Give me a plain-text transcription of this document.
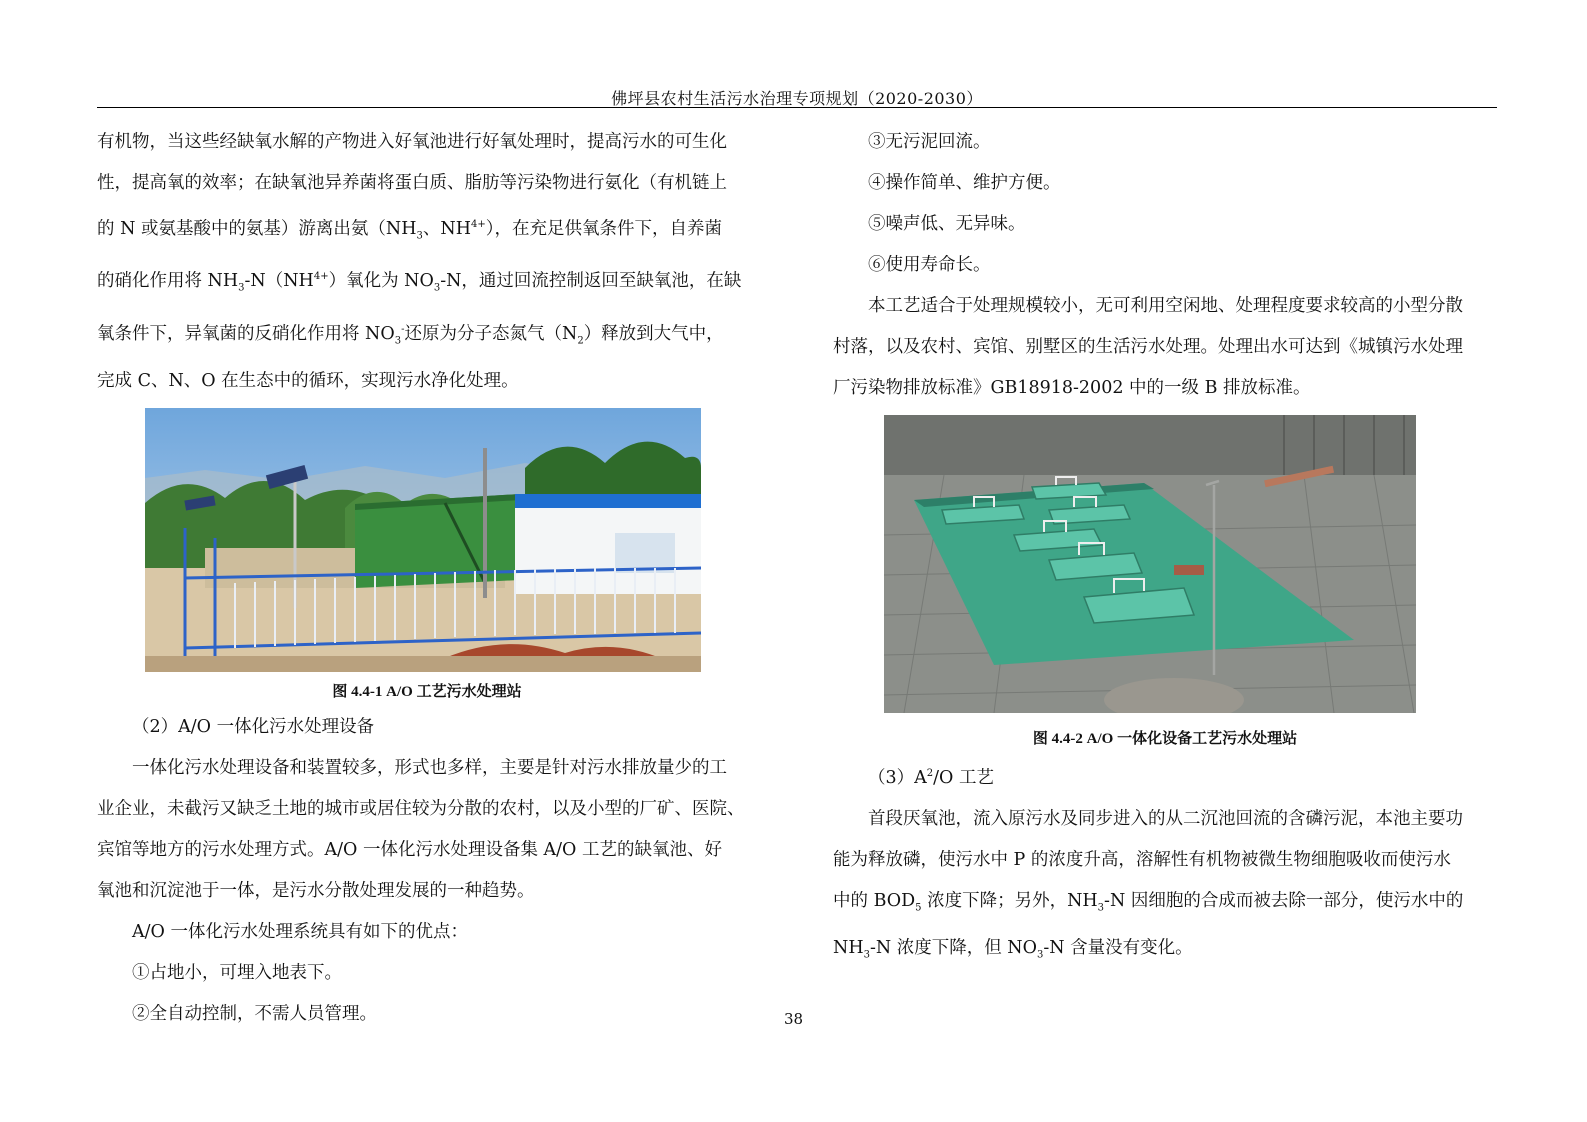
佛坪县农村生活污水治理专项规划（2020-2030）

有机物，当这些经缺氧水解的产物进入好氧池进行好氧处理时，提高污水的可生化

性，提高氧的效率；在缺氧池异养菌将蛋白质、脂肪等污染物进行氨化（有机链上

的 N 或氨基酸中的氨基）游离出氨（$NH_3$、$NH^{4+}$），在充足供氧条件下，自养菌

的硝化作用将 $NH_3-N(NH^{4+})$氧化为 $NO_3-N$，通过回流控制返回至缺氧池，在缺

氧条件下，异氧菌的反硝化作用将 $NO_3^-$还原为分子态氮气$(N_2)$释放到大气中，

完成 C、N、O 在生态中的循环，实现污水净化处理。

图 4.4-1 A/O 工艺污水处理站

（2）A/O 一体化污水处理设备

一体化污水处理设备和装置较多，形式也多样，主要是针对污水排放量少的工

业企业，未截污又缺乏土地的城市或居住较为分散的农村，以及小型的厂矿、医院、

宾馆等地方的污水处理方式。A/O 一体化污水处理设备集 A/O 工艺的缺氧池、好

氧池和沉淀池于一体，是污水分散处理发展的一种趋势。

A/O 一体化污水处理系统具有如下的优点：

①占地小，可埋入地表下。

②全自动控制，不需人员管理。

③无污泥回流。

④操作简单、维护方便。

⑤噪声低、无异味。

⑥使用寿命长。

本工艺适合于处理规模较小，无可利用空闲地、处理程度要求较高的小型分散

村落，以及农村、宾馆、别墅区的生活污水处理。处理出水可达到《城镇污水处理

厂污染物排放标准》GB18918-2002 中的一级 B 排放标准。

图 4.4-2 A/O 一体化设备工艺污水处理站

$(3)A^2/O$ 工艺

首段厌氧池，流入原污水及同步进入的从二沉池回流的含磷污泥，本池主要功

能为释放磷，使污水中 P 的浓度升高，溶解性有机物被微生物细胞吸收而使污水

中的 $BOD_5$ 浓度下降；另外，$NH_3-N$ 因细胞的合成而被去除一部分，使污水中的

$NH_3-N$ 浓度下降，但 $NO_3-N$ 含量没有变化。

38
